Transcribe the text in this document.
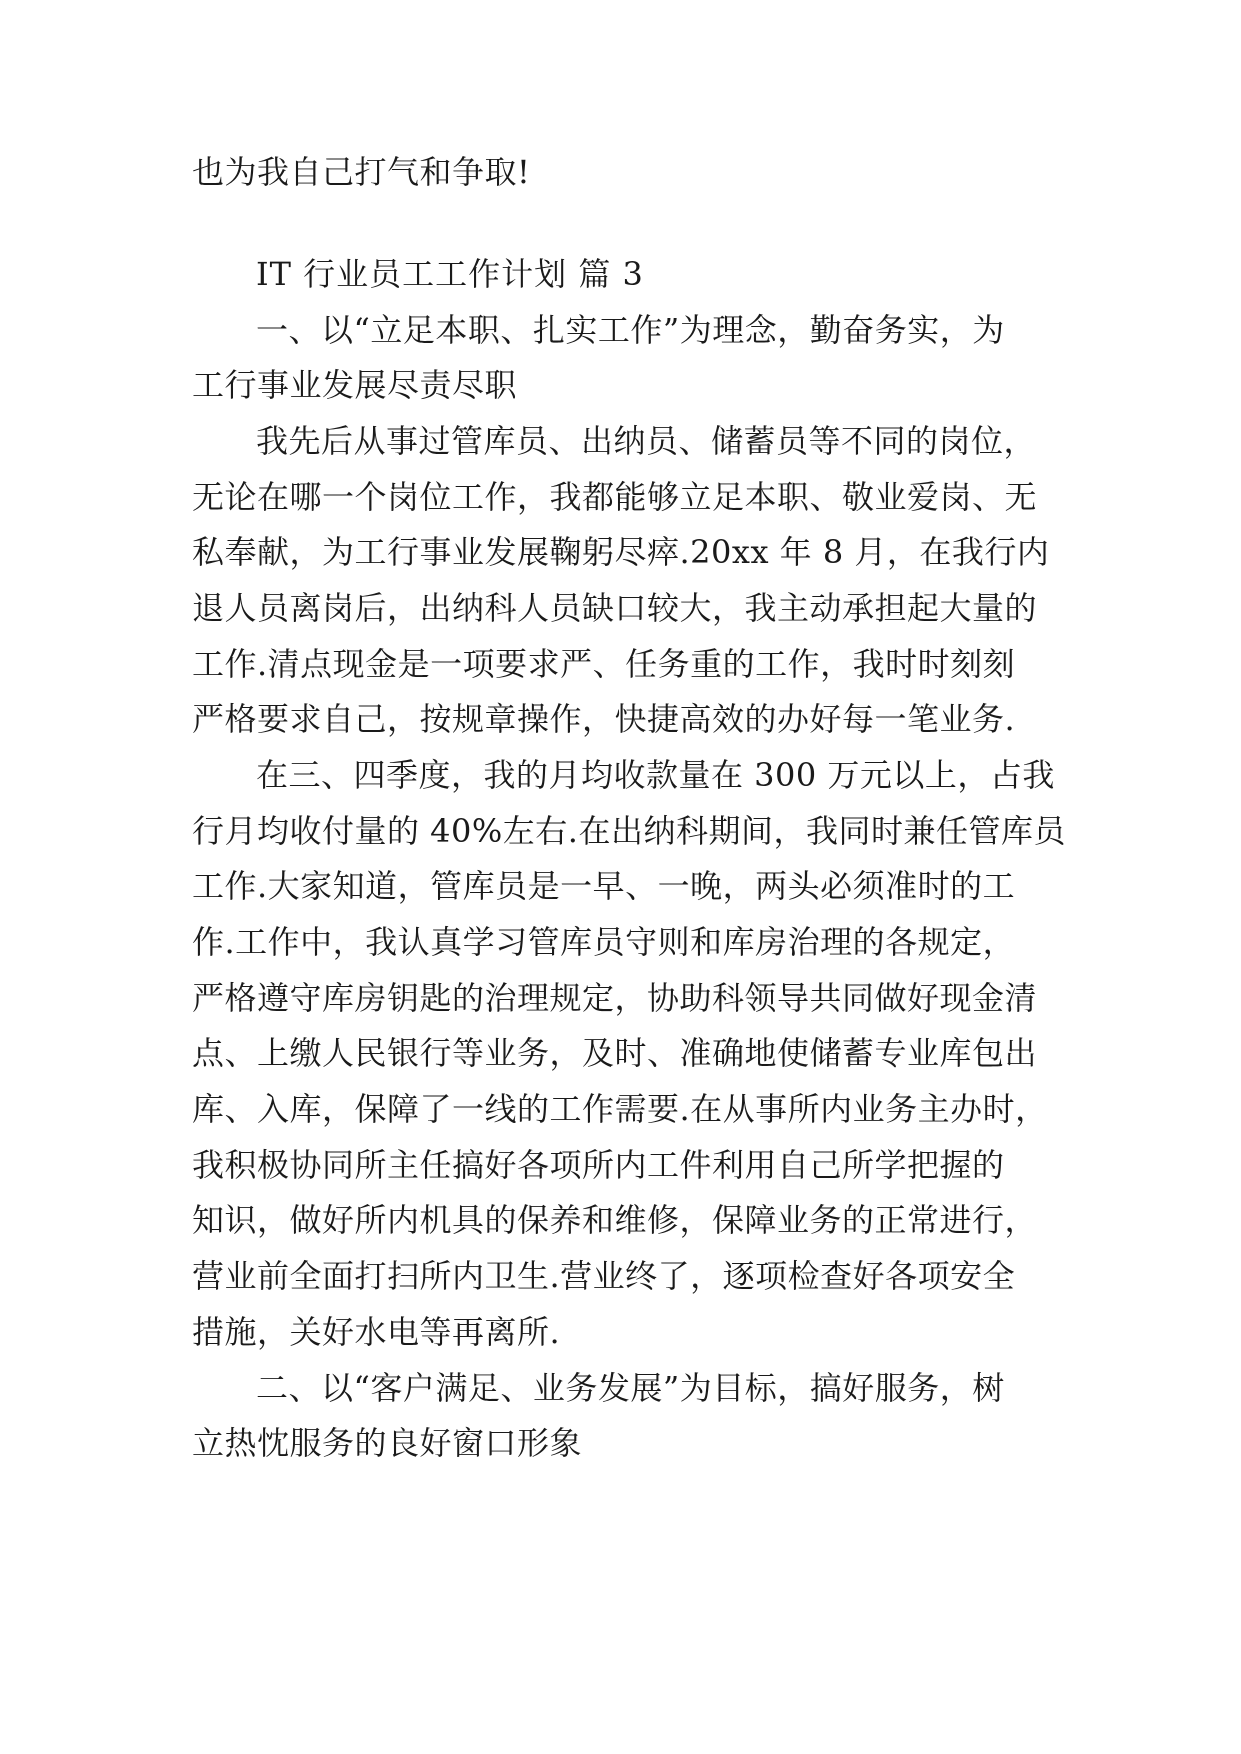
也为我自己打气和争取!
IT 行业员工工作计划 篇 3
一、以“立足本职、扎实工作”为理念，勤奋务实，为
工行事业发展尽责尽职
我先后从事过管库员、出纳员、储蓄员等不同的岗位，
无论在哪一个岗位工作，我都能够立足本职、敬业爱岗、无
私奉献，为工行事业发展鞠躬尽瘁.20xx 年 8 月，在我行内
退人员离岗后，出纳科人员缺口较大，我主动承担起大量的
工作.清点现金是一项要求严、任务重的工作，我时时刻刻
严格要求自己，按规章操作，快捷高效的办好每一笔业务.
在三、四季度，我的月均收款量在 300 万元以上，占我
行月均收付量的 40%左右.在出纳科期间，我同时兼任管库员
工作.大家知道，管库员是一早、一晚，两头必须准时的工
作.工作中，我认真学习管库员守则和库房治理的各规定，
严格遵守库房钥匙的治理规定，协助科领导共同做好现金清
点、上缴人民银行等业务，及时、准确地使储蓄专业库包出
库、入库，保障了一线的工作需要.在从事所内业务主办时，
我积极协同所主任搞好各项所内工件利用自己所学把握的
知识，做好所内机具的保养和维修，保障业务的正常进行，
营业前全面打扫所内卫生.营业终了，逐项检查好各项安全
措施，关好水电等再离所.
二、以“客户满足、业务发展”为目标，搞好服务，树
立热忱服务的良好窗口形象
